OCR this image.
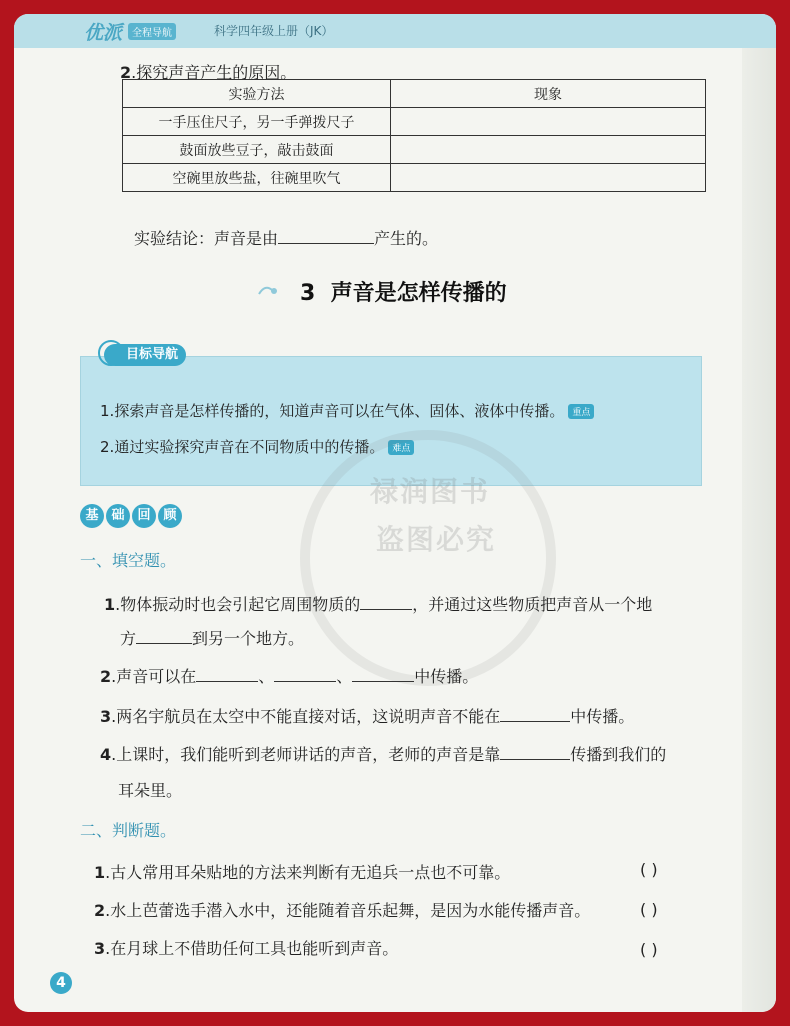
优派 全程导航	科学四年级上册（JK）
2.探究声音产生的原因。
实验方法	现象
一手压住尺子，另一手弹拨尺子	
鼓面放些豆子，敲击鼓面	
空碗里放些盐，往碗里吹气	
实验结论：声音是由	产生的。
3 声音是怎样传播的
目标导航
1.探索声音是怎样传播的，知道声音可以在气体、固体、液体中传播。 重点
2.通过实验探究声音在不同物质中的传播。 难点
禄润图书
盗图必究
基 础 回 顾
一、填空题。
1.物体振动时也会引起它周围物质的	，并通过这些物质把声音从一个地
方	到另一个地方。
2.声音可以在	、	、	中传播。
3.两名宇航员在太空中不能直接对话，这说明声音不能在	中传播。
4.上课时，我们能听到老师讲话的声音，老师的声音是靠	传播到我们的
耳朵里。
二、判断题。
1.古人常用耳朵贴地的方法来判断有无追兵一点也不可靠。	( )
2.水上芭蕾选手潜入水中，还能随着音乐起舞，是因为水能传播声音。	( )
3.在月球上不借助任何工具也能听到声音。	( )
4
